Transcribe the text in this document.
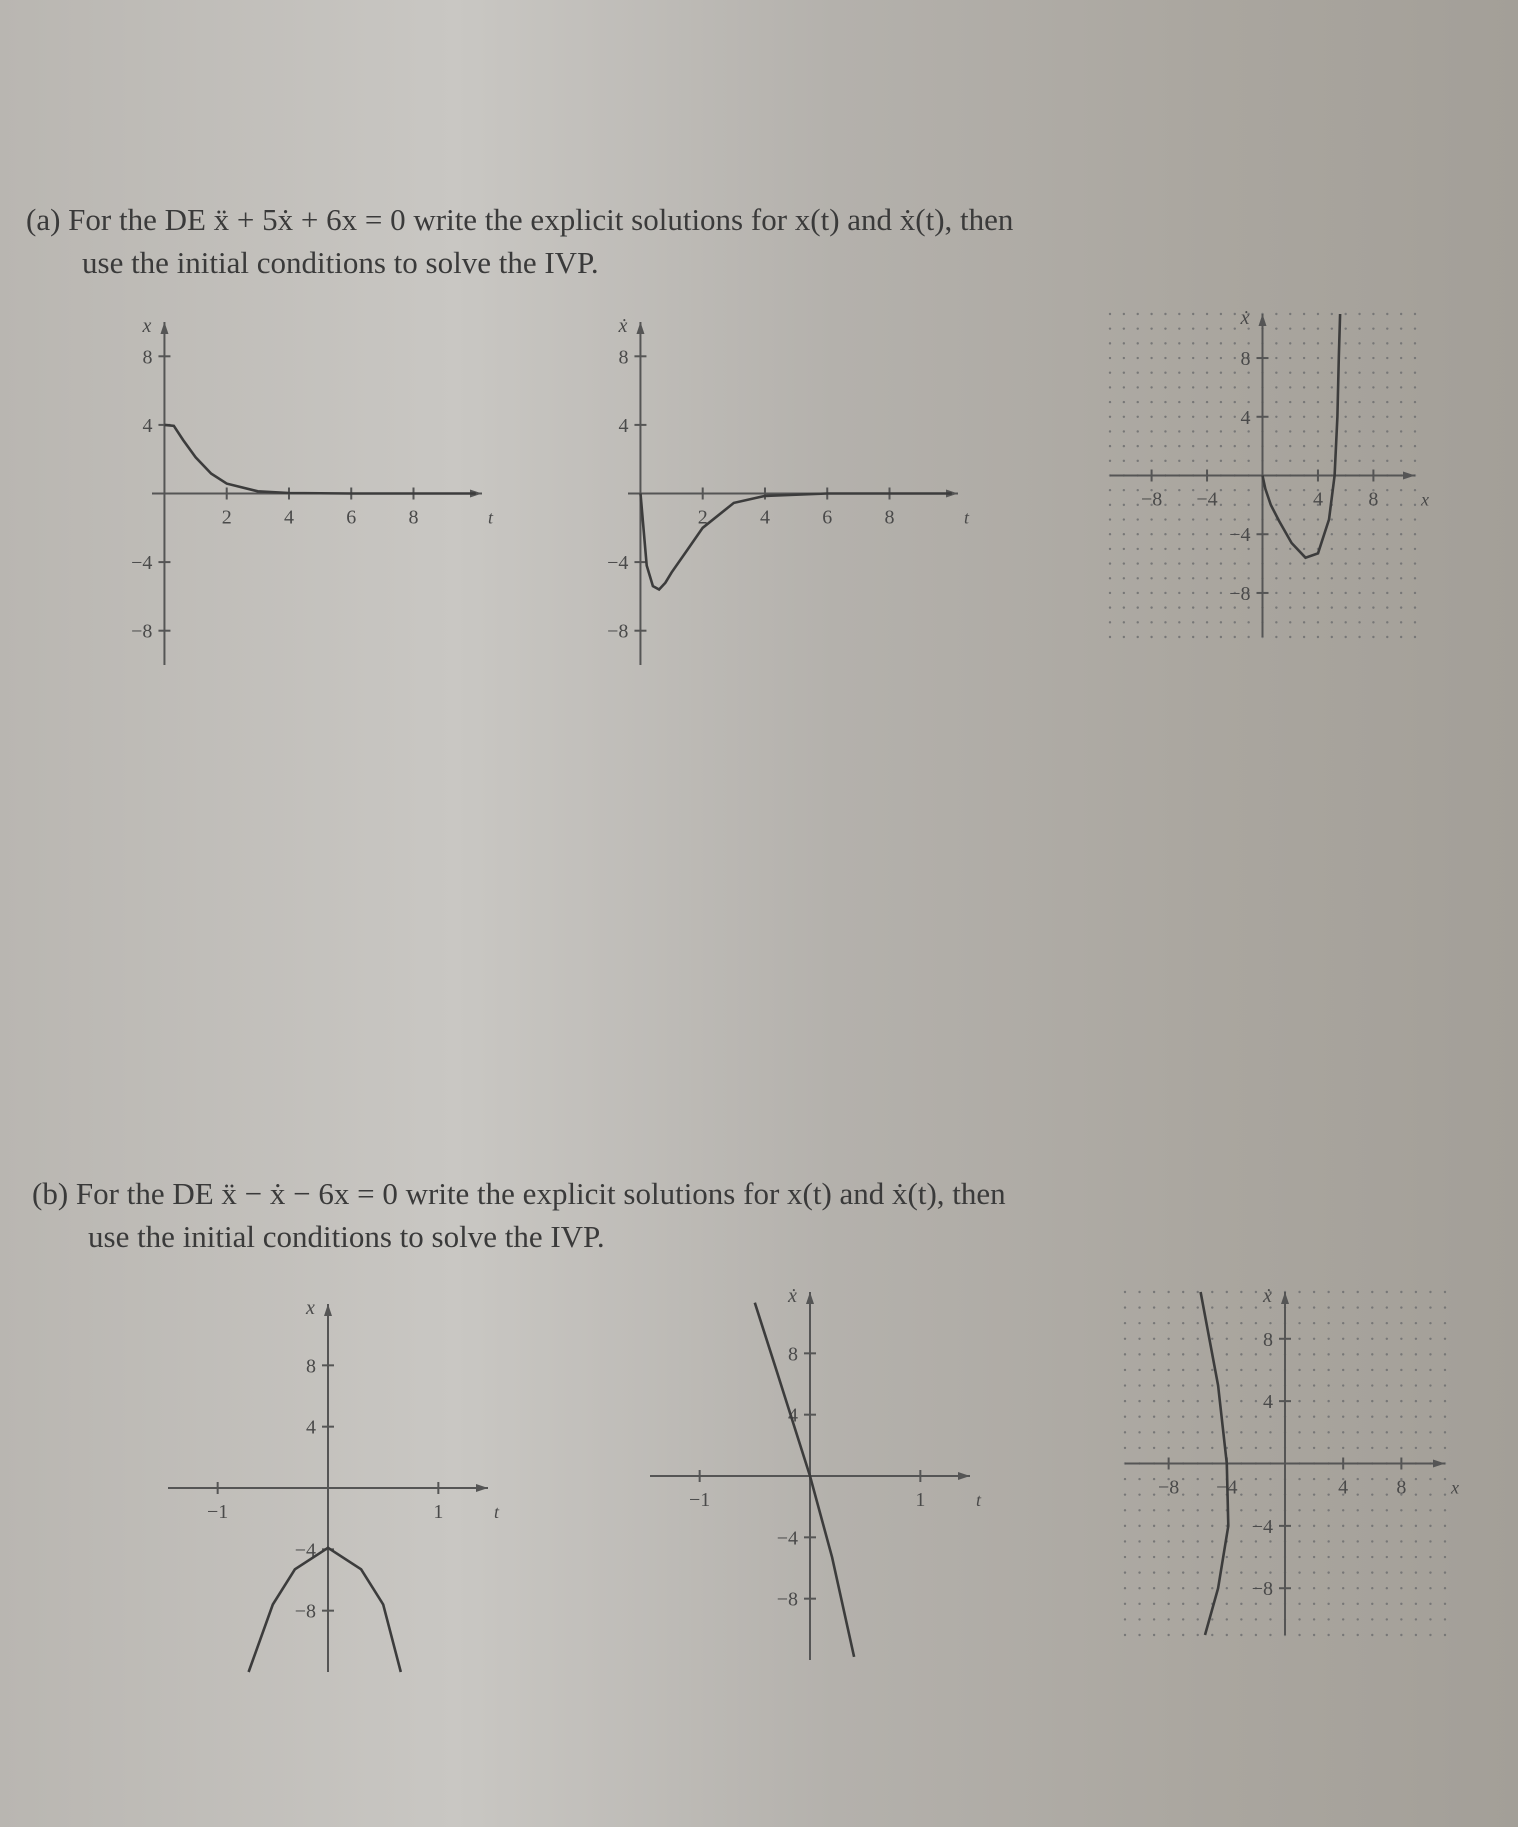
(a) For the DE ẍ + 5ẋ + 6x = 0 write the explicit solutions for x(t) and ẋ(t), then
use the initial conditions to solve the IVP.
(b) For the DE ẍ − ẋ − 6x = 0 write the explicit solutions for x(t) and ẋ(t), then
use the initial conditions to solve the IVP.
2	4	6	8
8
4
−4
−8
t
x
2	4	6	8
8
4
−4
−8
t
ẋ
−8 −4	4 8
8
4
−4
−8
x
ẋ
−1	1
8
4
−4
−8
t
x
−1	1
8
4
−4
−8
t
ẋ
−8 −4	4 8
8
4
−4
−8
x
ẋ
